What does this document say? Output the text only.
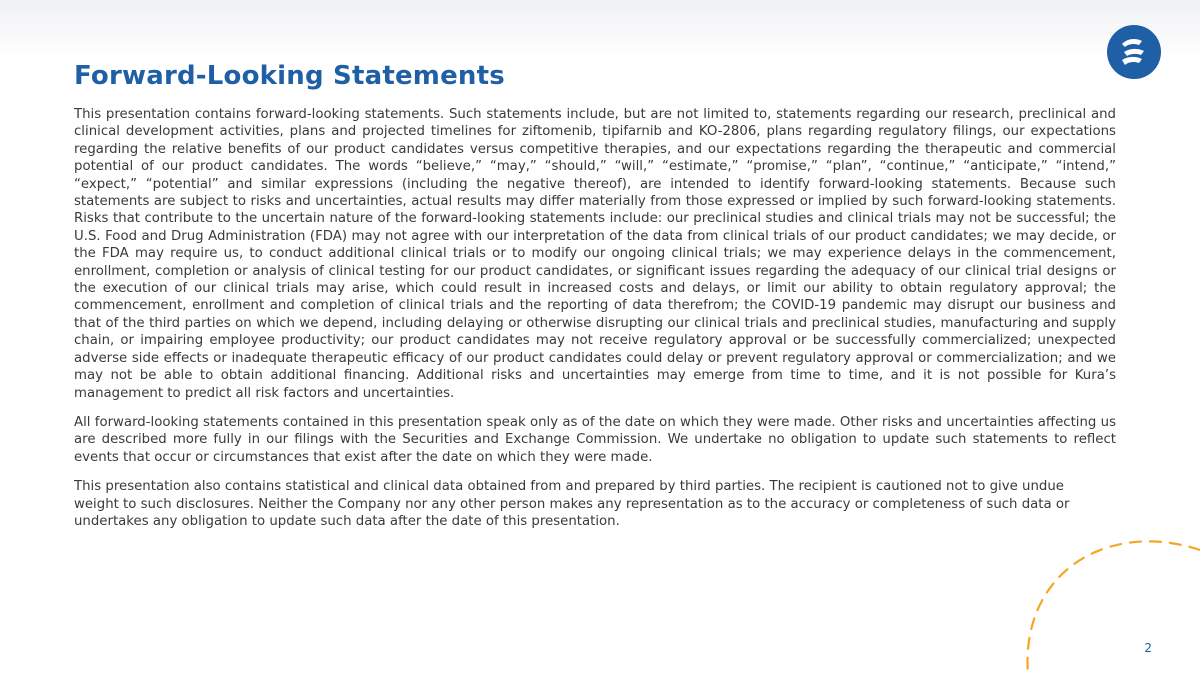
Forward-Looking Statements

This presentation contains forward-looking statements. Such statements include, but are not limited to, statements regarding our research, preclinical and clinical development activities, plans and projected timelines for ziftomenib, tipifarnib and KO-2806, plans regarding regulatory filings, our expectations regarding the relative benefits of our product candidates versus competitive therapies, and our expectations regarding the therapeutic and commercial potential of our product candidates. The words “believe,” “may,” “should,” “will,” “estimate,” “promise,” “plan”, “continue,” “anticipate,” “intend,” “expect,” “potential” and similar expressions (including the negative thereof), are intended to identify forward-looking statements. Because such statements are subject to risks and uncertainties, actual results may differ materially from those expressed or implied by such forward-looking statements. Risks that contribute to the uncertain nature of the forward-looking statements include: our preclinical studies and clinical trials may not be successful; the U.S. Food and Drug Administration (FDA) may not agree with our interpretation of the data from clinical trials of our product candidates; we may decide, or the FDA may require us, to conduct additional clinical trials or to modify our ongoing clinical trials; we may experience delays in the commencement, enrollment, completion or analysis of clinical testing for our product candidates, or significant issues regarding the adequacy of our clinical trial designs or the execution of our clinical trials may arise, which could result in increased costs and delays, or limit our ability to obtain regulatory approval; the commencement, enrollment and completion of clinical trials and the reporting of data therefrom; the COVID-19 pandemic may disrupt our business and that of the third parties on which we depend, including delaying or otherwise disrupting our clinical trials and preclinical studies, manufacturing and supply chain, or impairing employee productivity; our product candidates may not receive regulatory approval or be successfully commercialized; unexpected adverse side effects or inadequate therapeutic efficacy of our product candidates could delay or prevent regulatory approval or commercialization; and we may not be able to obtain additional financing. Additional risks and uncertainties may emerge from time to time, and it is not possible for Kura’s management to predict all risk factors and uncertainties.

All forward-looking statements contained in this presentation speak only as of the date on which they were made. Other risks and uncertainties affecting us are described more fully in our filings with the Securities and Exchange Commission. We undertake no obligation to update such statements to reflect events that occur or circumstances that exist after the date on which they were made.

This presentation also contains statistical and clinical data obtained from and prepared by third parties. The recipient is cautioned not to give undue weight to such disclosures. Neither the Company nor any other person makes any representation as to the accuracy or completeness of such data or undertakes any obligation to update such data after the date of this presentation.

2
